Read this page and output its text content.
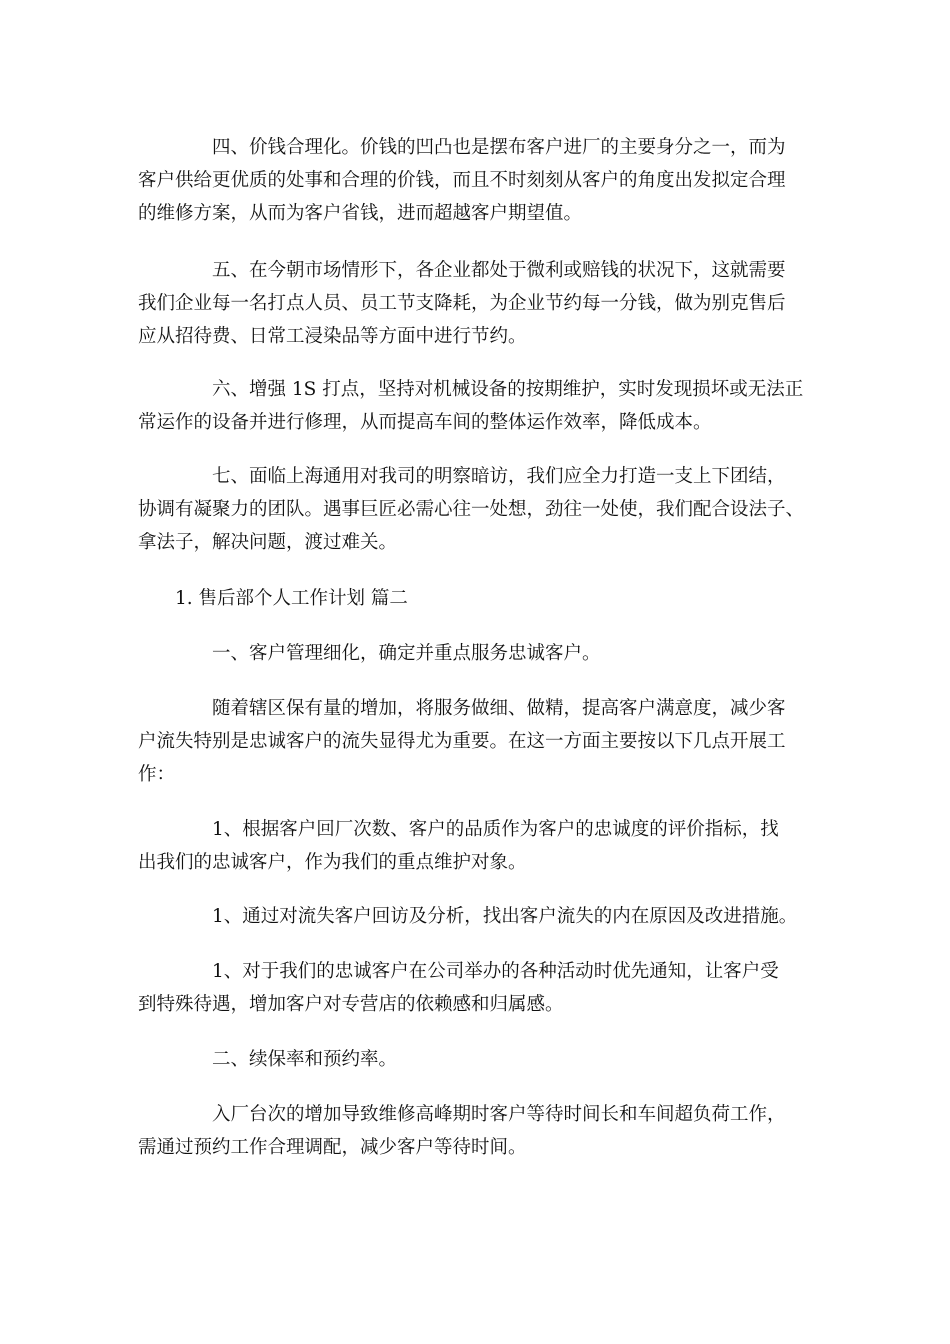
四、价钱合理化。价钱的凹凸也是摆布客户进厂的主要身分之一，而为
客户供给更优质的处事和合理的价钱，而且不时刻刻从客户的角度出发拟定合理
的维修方案，从而为客户省钱，进而超越客户期望值。
五、在今朝市场情形下，各企业都处于微利或赔钱的状况下，这就需要
我们企业每一名打点人员、员工节支降耗，为企业节约每一分钱，做为别克售后
应从招待费、日常工浸染品等方面中进行节约。
六、增强 1S 打点，坚持对机械设备的按期维护，实时发现损坏或无法正
常运作的设备并进行修理，从而提高车间的整体运作效率，降低成本。
七、面临上海通用对我司的明察暗访，我们应全力打造一支上下团结，
协调有凝聚力的团队。遇事巨匠必需心往一处想，劲往一处使，我们配合设法子、
拿法子，解决问题，渡过难关。
1. 售后部个人工作计划 篇二
一、客户管理细化，确定并重点服务忠诚客户。
随着辖区保有量的增加，将服务做细、做精，提高客户满意度，减少客
户流失特别是忠诚客户的流失显得尤为重要。在这一方面主要按以下几点开展工
作：
1、根据客户回厂次数、客户的品质作为客户的忠诚度的评价指标，找
出我们的忠诚客户，作为我们的重点维护对象。
1、通过对流失客户回访及分析，找出客户流失的内在原因及改进措施。
1、对于我们的忠诚客户在公司举办的各种活动时优先通知，让客户受
到特殊待遇，增加客户对专营店的依赖感和归属感。
二、续保率和预约率。
入厂台次的增加导致维修高峰期时客户等待时间长和车间超负荷工作，
需通过预约工作合理调配，减少客户等待时间。
